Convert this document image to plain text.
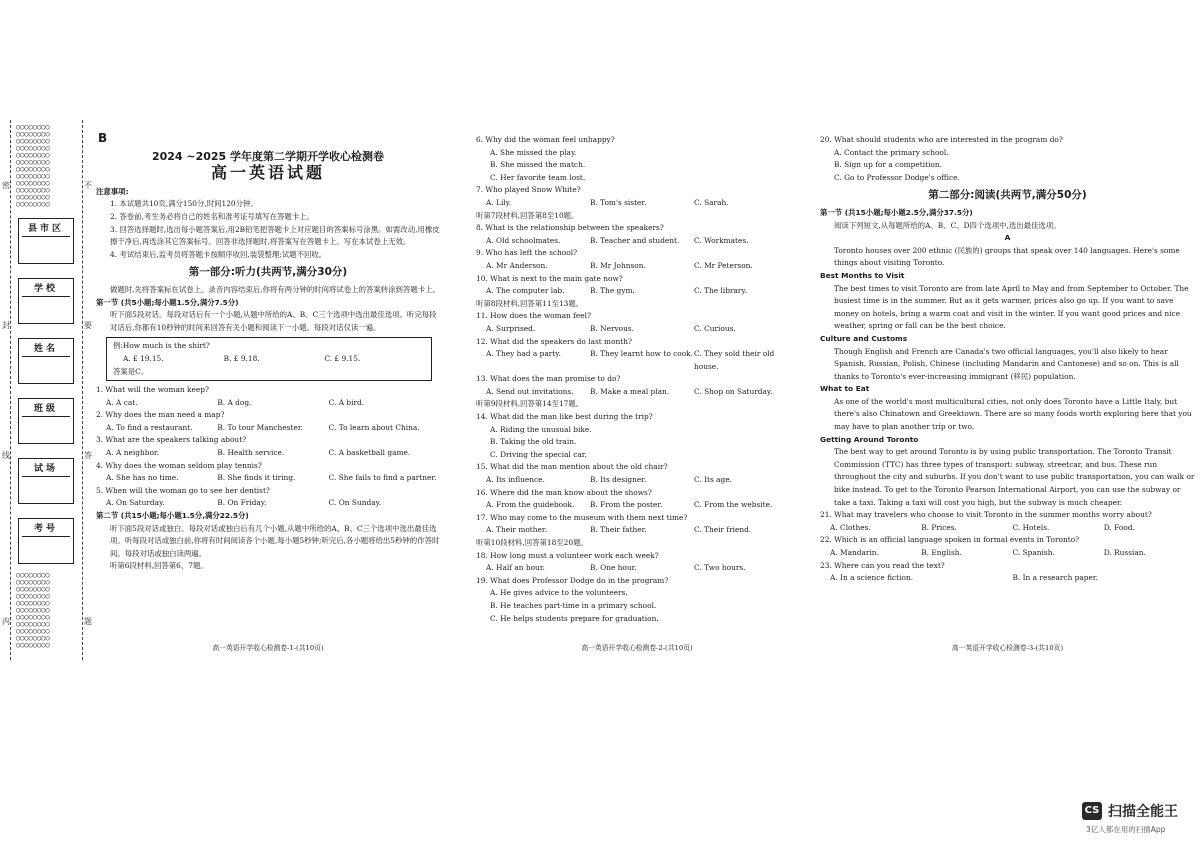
○○○○○○○○
○○○○○○○○
○○○○○○○○
○○○○○○○○
○○○○○○○○
○○○○○○○○
○○○○○○○○
○○○○○○○○
○○○○○○○○
○○○○○○○○
○○○○○○○○
○○○○○○○○
县市区
学校
姓名
班级
试场
考号
○○○○○○○○
○○○○○○○○
○○○○○○○○
○○○○○○○○
○○○○○○○○
○○○○○○○○
○○○○○○○○
○○○○○○○○
○○○○○○○○
○○○○○○○○
○○○○○○○○
密
封
线
内
不
要
答
题
B
2024 ~2025 学年度第二学期开学收心检测卷
高一英语试题

注意事项:

1. 本试题共10页,满分150分,时间120分钟。

2. 答卷前,考生务必将自己的姓名和准考证号填写在答题卡上。

3. 回答选择题时,选出每小题答案后,用2B铅笔把答题卡上对应题目的答案标号涂黑。如需改动,用橡皮擦干净后,再选涂其它答案标号。回答非选择题时,将答案写在答题卡上。写在本试卷上无效。

4. 考试结束后,监考员将答题卡按顺序收回,装袋整理;试题不回收。

第一部分:听力(共两节,满分30分)

做题时,先将答案标在试卷上。录音内容结束后,你将有两分钟的时间将试卷上的答案转涂到答题卡上。

第一节 (共5小题;每小题1.5分,满分7.5分)

听下面5段对话。每段对话后有一个小题,从题中所给的A、B、C三个选项中选出最佳选项。听完每段对话后,你都有10秒钟的时间来回答有关小题和阅读下一小题。每段对话仅读一遍。

例:How much is the shirt?

A. £ 19.15.	B. £ 9.18.	C. £ 9.15.

答案是C。

1. What will the woman keep?

A. A cat.	B. A dog.	C. A bird.

2. Why does the man need a map?

A. To find a restaurant.	B. To tour Manchester.	C. To learn about China.

3. What are the speakers talking about?

A. A neighbor.	B. Health service.	C. A basketball game.

4. Why does the woman seldom play tennis?

A. She has no time.	B. She finds it tiring.	C. She fails to find a partner.

5. When will the woman go to see her dentist?

A. On Saturday.	B. On Friday.	C. On Sunday.

第二节 (共15小题;每小题1.5分,满分22.5分)

听下面5段对话或独白。每段对话或独白后有几个小题,从题中所给的A、B、C三个选项中选出最佳选项。听每段对话或独白前,你将有时间阅读各个小题,每小题5秒钟;听完后,各小题将给出5秒钟的作答时间。每段对话或独白读两遍。

听第6段材料,回答第6、7题。

高一英语开学收心检测卷-1-(共10页)

6. Why did the woman feel unhappy?

A. She missed the play.

B. She missed the match.

C. Her favorite team lost.

7. Who played Snow White?

A. Lily.	B. Tom's sister.	C. Sarah.

听第7段材料,回答第8至10题。

8. What is the relationship between the speakers?

A. Old schoolmates.	B. Teacher and student.	C. Workmates.

9. Who has left the school?

A. Mr Anderson.	B. Mr Johnson.	C. Mr Peterson.

10. What is next to the main gate now?

A. The computer lab.	B. The gym.	C. The library.

听第8段材料,回答第11至13题。

11. How does the woman feel?

A. Surprised.	B. Nervous.	C. Curious.

12. What did the speakers do last month?

A. They had a party.	B. They learnt how to cook. C. They sold their old house.

13. What does the man promise to do?

A. Send out invitations.	B. Make a meal plan.	C. Shop on Saturday.

听第9段材料,回答第14至17题。

14. What did the man like best during the trip?

A. Riding the unusual bike.

B. Taking the old train.

C. Driving the special car.

15. What did the man mention about the old chair?

A. Its influence.	B. Its designer.	C. Its age.

16. Where did the man know about the shows?

A. From the guidebook.	B. From the poster.	C. From the website.

17. Who may come to the museum with them next time?

A. Their mother.	B. Their father.	C. Their friend.

听第10段材料,回答第18至20题。

18. How long must a volunteer work each week?

A. Half an hour.	B. One hour.	C. Two hours.

19. What does Professor Dodge do in the program?

A. He gives advice to the volunteers.

B. He teaches part-time in a primary school.

C. He helps students prepare for graduation.

高一英语开学收心检测卷-2-(共10页)

20. What should students who are interested in the program do?

A. Contact the primary school.

B. Sign up for a competition.

C. Go to Professor Dodge's office.

第二部分:阅读(共两节,满分50分)

第一节 (共15小题;每小题2.5分,满分37.5分)

阅读下列短文,从每题所给的A、B、C、D四个选项中,选出最佳选项。

A

Toronto houses over 200 ethnic (民族的) groups that speak over 140 languages. Here's some things about visiting Toronto.

Best Months to Visit

The best times to visit Toronto are from late April to May and from September to October. The busiest time is in the summer. But as it gets warmer, prices also go up. If you want to save money on hotels, bring a warm coat and visit in the winter. If you want good prices and nice weather, spring or fall can be the best choice.

Culture and Customs

Though English and French are Canada's two official languages, you'll also likely to hear Spanish, Russian, Polish, Chinese (including Mandarin and Cantonese) and so on. This is all thanks to Toronto's ever-increasing immigrant (移民) population.

What to Eat

As one of the world's most multicultural cities, not only does Toronto have a Little Italy, but there's also Chinatown and Greektown. There are so many foods worth exploring here that you may have to plan another trip or two.

Getting Around Toronto

The best way to get around Toronto is by using public transportation. The Toronto Transit Commission (TTC) has three types of transport: subway, streetcar, and bus. These run throughout the city and suburbs. If you don't want to use public transportation, you can walk or bike instead. To get to the Toronto Pearson International Airport, you can use the subway or take a taxi. Taking a taxi will cost you high, but the subway is much cheaper.

21. What may travelers who choose to visit Toronto in the summer months worry about?

A. Clothes.	B. Prices.	C. Hotels.	D. Food.

22. Which is an official language spoken in formal events in Toronto?

A. Mandarin.	B. English.	C. Spanish.	D. Russian.

23. Where can you read the text?

A. In a science fiction.	B. In a research paper.
高一英语开学收心检测卷-3-(共10页)
CS 扫描全能王
3亿人都在用的扫描App
